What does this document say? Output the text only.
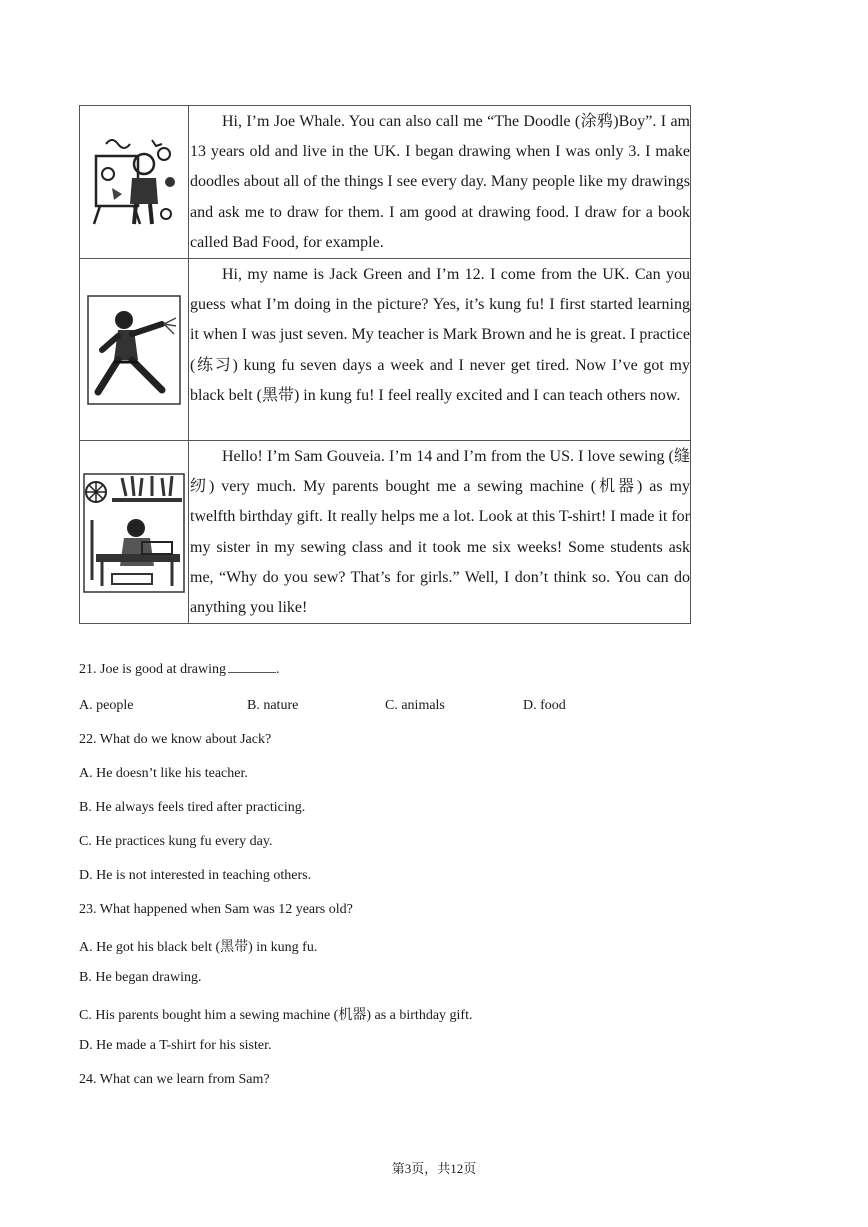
Hi, I’m Joe Whale. You can also call me “The Doodle (涂鸦)Boy”. I am 13 years old and live in the UK. I began drawing when I was only 3. I make doodles about all of the things I see every day. Many people like my drawings and ask me to draw for them. I am good at drawing food. I draw for a book called Bad Food, for example.

Hi, my name is Jack Green and I’m 12. I come from the UK. Can you guess what I’m doing in the picture? Yes, it’s kung fu! I first started learning it when I was just seven. My teacher is Mark Brown and he is great. I practice (练习) kung fu seven days a week and I never get tired. Now I’ve got my black belt (黑带) in kung fu! I feel really excited and I can teach others now.

Hello! I’m Sam Gouveia. I’m 14 and I’m from the US. I love sewing (缝纫) very much. My parents bought me a sewing machine (机器) as my twelfth birthday gift. It really helps me a lot. Look at this T-shirt! I made it for my sister in my sewing class and it took me six weeks! Some students ask me, “Why do you sew? That’s for girls.” Well, I don’t think so. You can do anything you like!

21. Joe is good at drawing	.
A. people	B. nature	C. animals	D. food
22. What do we know about Jack?
A. He doesn’t like his teacher.
B. He always feels tired after practicing.
C. He practices kung fu every day.
D. He is not interested in teaching others.
23. What happened when Sam was 12 years old?
A. He got his black belt (黑带) in kung fu.
B. He began drawing.
C. His parents bought him a sewing machine (机器) as a birthday gift.
D. He made a T-shirt for his sister.
24. What can we learn from Sam?
第3页，共12页
